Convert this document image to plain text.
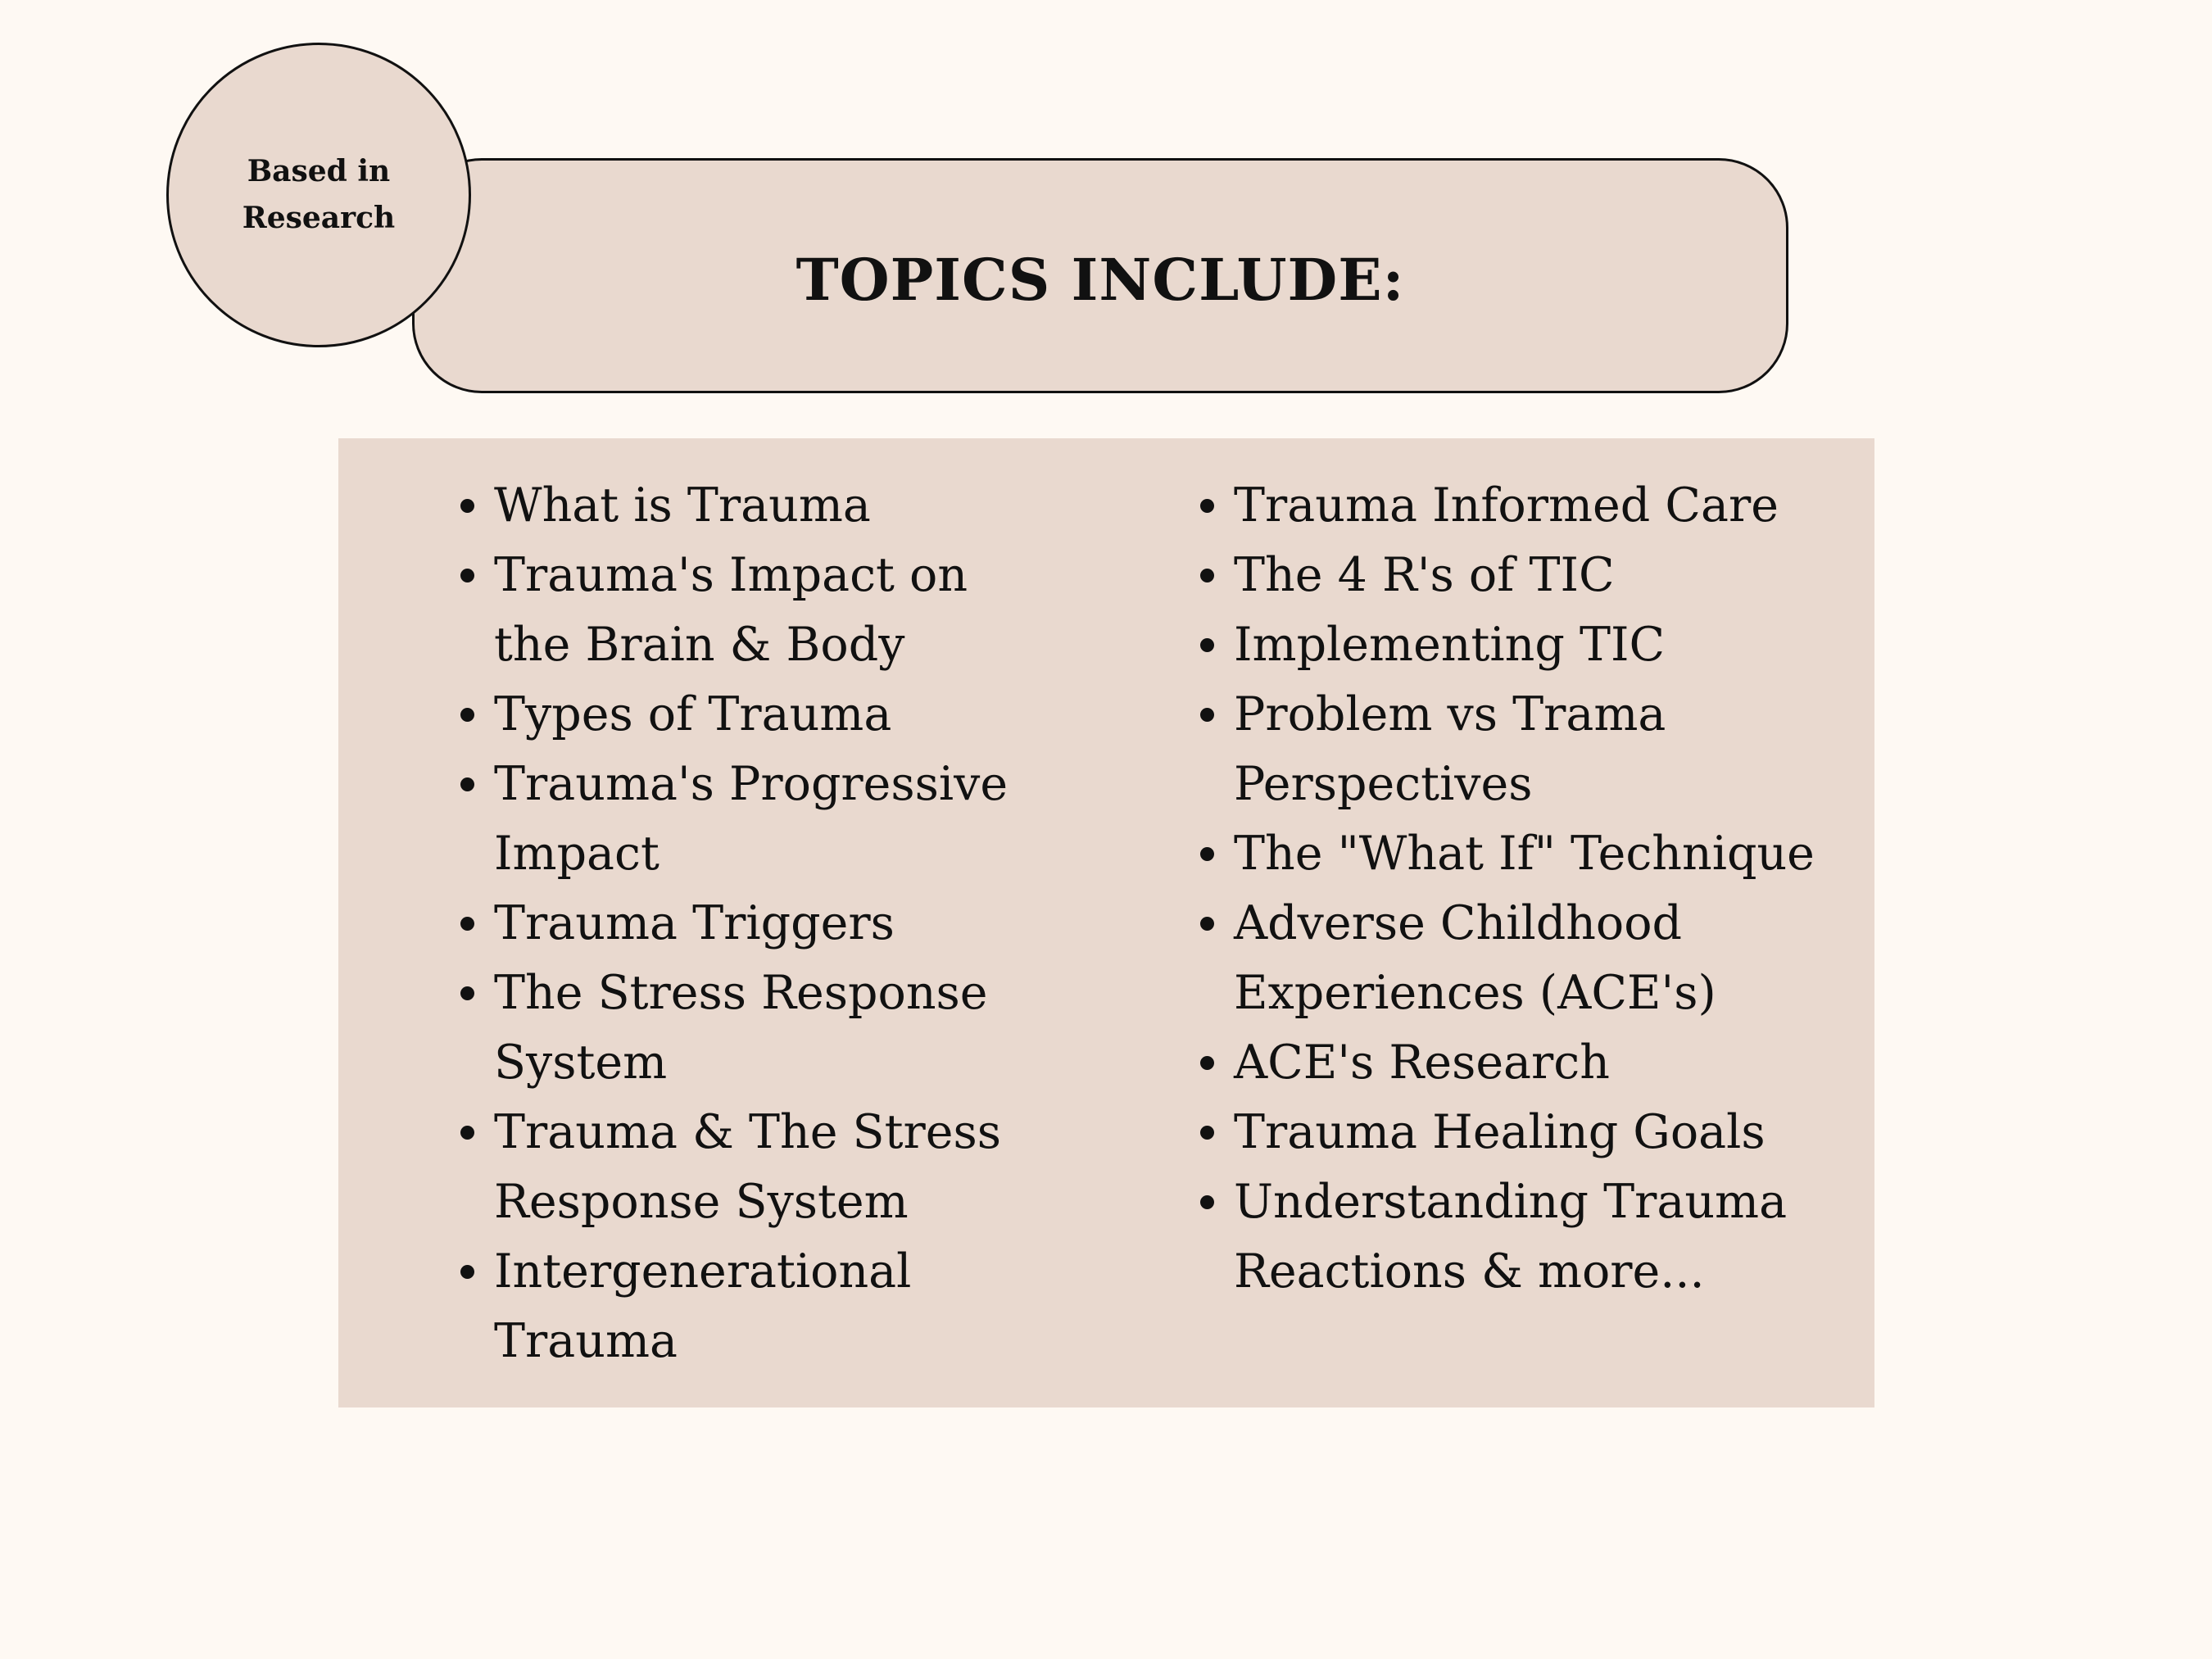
TOPICS INCLUDE:
Based in Research
What is Trauma
Trauma's Impact on the Brain & Body
Types of Trauma
Trauma's Progressive Impact
Trauma Triggers
The Stress Response System
Trauma & The Stress Response System
Intergenerational Trauma
Trauma Informed Care
The 4 R's of TIC
Implementing TIC
Problem vs Trama Perspectives
The "What If" Technique
Adverse Childhood Experiences (ACE's)
ACE's Research
Trauma Healing Goals
Understanding Trauma Reactions & more...
